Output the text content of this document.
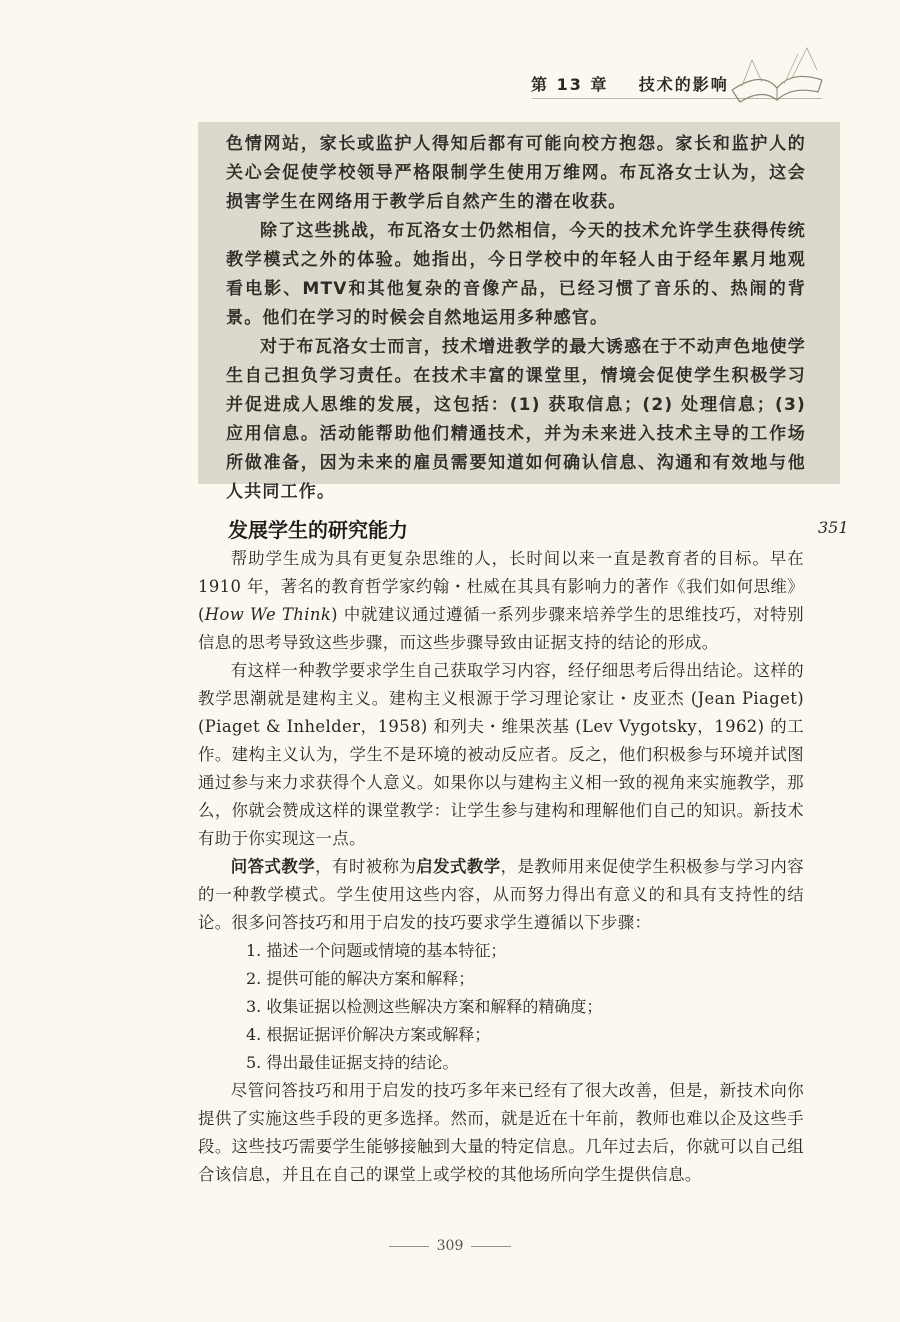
第 13 章 技术的影响

色情网站，家长或监护人得知后都有可能向校方抱怨。家长和监护人的关心会促使学校领导严格限制学生使用万维网。布瓦洛女士认为，这会损害学生在网络用于教学后自然产生的潜在收获。

除了这些挑战，布瓦洛女士仍然相信，今天的技术允许学生获得传统教学模式之外的体验。她指出，今日学校中的年轻人由于经年累月地观看电影、MTV和其他复杂的音像产品，已经习惯了音乐的、热闹的背景。他们在学习的时候会自然地运用多种感官。

对于布瓦洛女士而言，技术增进教学的最大诱惑在于不动声色地使学生自己担负学习责任。在技术丰富的课堂里，情境会促使学生积极学习并促进成人思维的发展，这包括：(1) 获取信息；(2) 处理信息；(3) 应用信息。活动能帮助他们精通技术，并为未来进入技术主导的工作场所做准备，因为未来的雇员需要知道如何确认信息、沟通和有效地与他人共同工作。

发展学生的研究能力	351

帮助学生成为具有更复杂思维的人，长时间以来一直是教育者的目标。早在 1910 年，著名的教育哲学家约翰・杜威在其具有影响力的著作《我们如何思维》(How We Think) 中就建议通过遵循一系列步骤来培养学生的思维技巧，对特别信息的思考导致这些步骤，而这些步骤导致由证据支持的结论的形成。

有这样一种教学要求学生自己获取学习内容，经仔细思考后得出结论。这样的教学思潮就是建构主义。建构主义根源于学习理论家让・皮亚杰 (Jean Piaget) (Piaget & Inhelder，1958) 和列夫・维果茨基 (Lev Vygotsky，1962) 的工作。建构主义认为，学生不是环境的被动反应者。反之，他们积极参与环境并试图通过参与来力求获得个人意义。如果你以与建构主义相一致的视角来实施教学，那么，你就会赞成这样的课堂教学：让学生参与建构和理解他们自己的知识。新技术有助于你实现这一点。

问答式教学，有时被称为启发式教学，是教师用来促使学生积极参与学习内容的一种教学模式。学生使用这些内容，从而努力得出有意义的和具有支持性的结论。很多问答技巧和用于启发的技巧要求学生遵循以下步骤：

1. 描述一个问题或情境的基本特征；
2. 提供可能的解决方案和解释；
3. 收集证据以检测这些解决方案和解释的精确度；
4. 根据证据评价解决方案或解释；
5. 得出最佳证据支持的结论。

尽管问答技巧和用于启发的技巧多年来已经有了很大改善，但是，新技术向你提供了实施这些手段的更多选择。然而，就是近在十年前，教师也难以企及这些手段。这些技巧需要学生能够接触到大量的特定信息。几年过去后，你就可以自己组合该信息，并且在自己的课堂上或学校的其他场所向学生提供信息。

309
